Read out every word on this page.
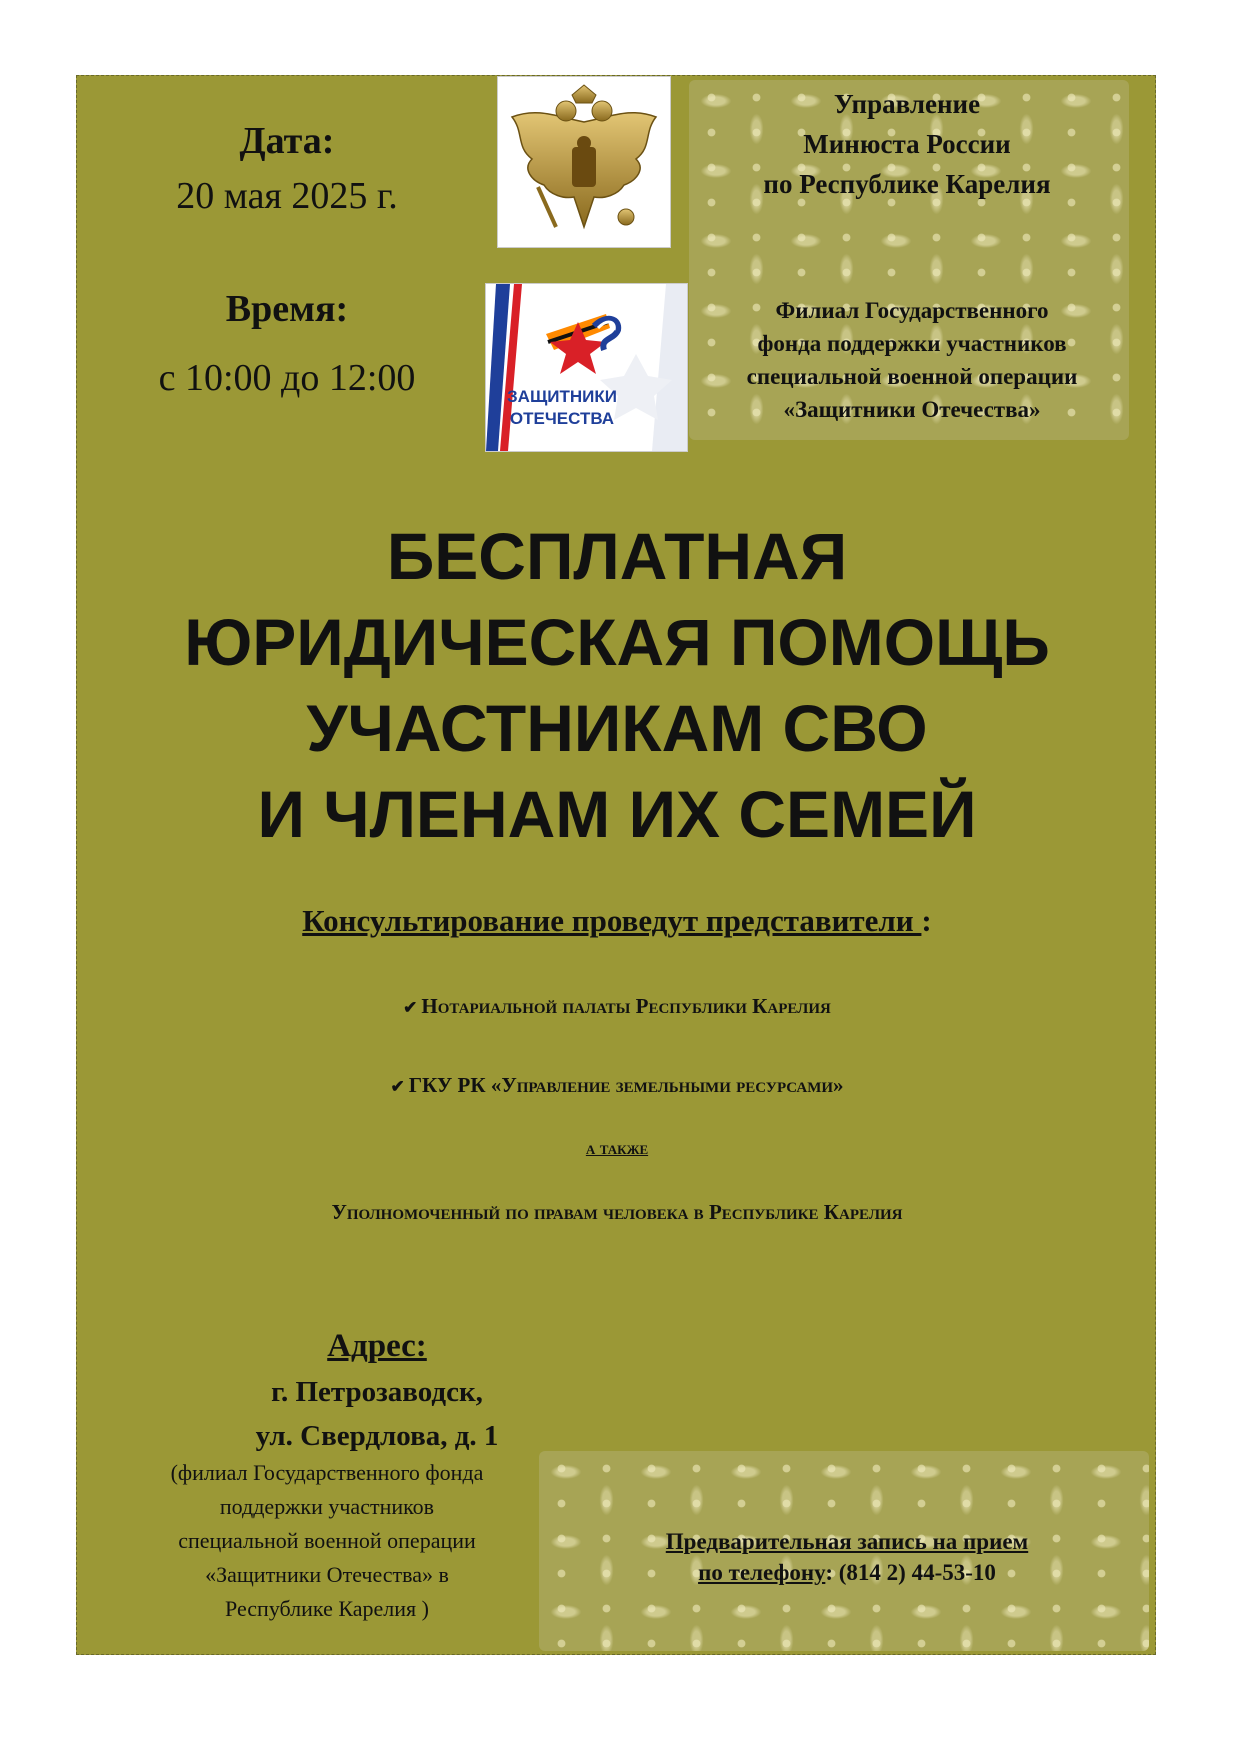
Дата:
20 мая 2025 г.
Время:
с 10:00 до 12:00	ЗАЩИТНИКИ
ОТЕЧЕСТВА
Управление
Минюста России
по Республике Карелия
Филиал Государственного
фонда поддержки участников
специальной военной операции
«Защитники Отечества»
БЕСПЛАТНАЯ
ЮРИДИЧЕСКАЯ ПОМОЩЬ
УЧАСТНИКАМ СВО
И ЧЛЕНАМ ИХ СЕМЕЙ
Консультирование проведут представители :
✔ Нотариальной палаты Республики Карелия
✔ ГКУ РК «Управление земельными ресурсами»
а также
Уполномоченный по правам человека в Республике Карелия
Адрес:
г. Петрозаводск,
ул. Свердлова, д. 1
(филиал Государственного фонда
поддержки участников
специальной военной операции
«Защитники Отечества» в
Республике Карелия )
Предварительная запись на прием
по телефону: (814 2) 44-53-10
